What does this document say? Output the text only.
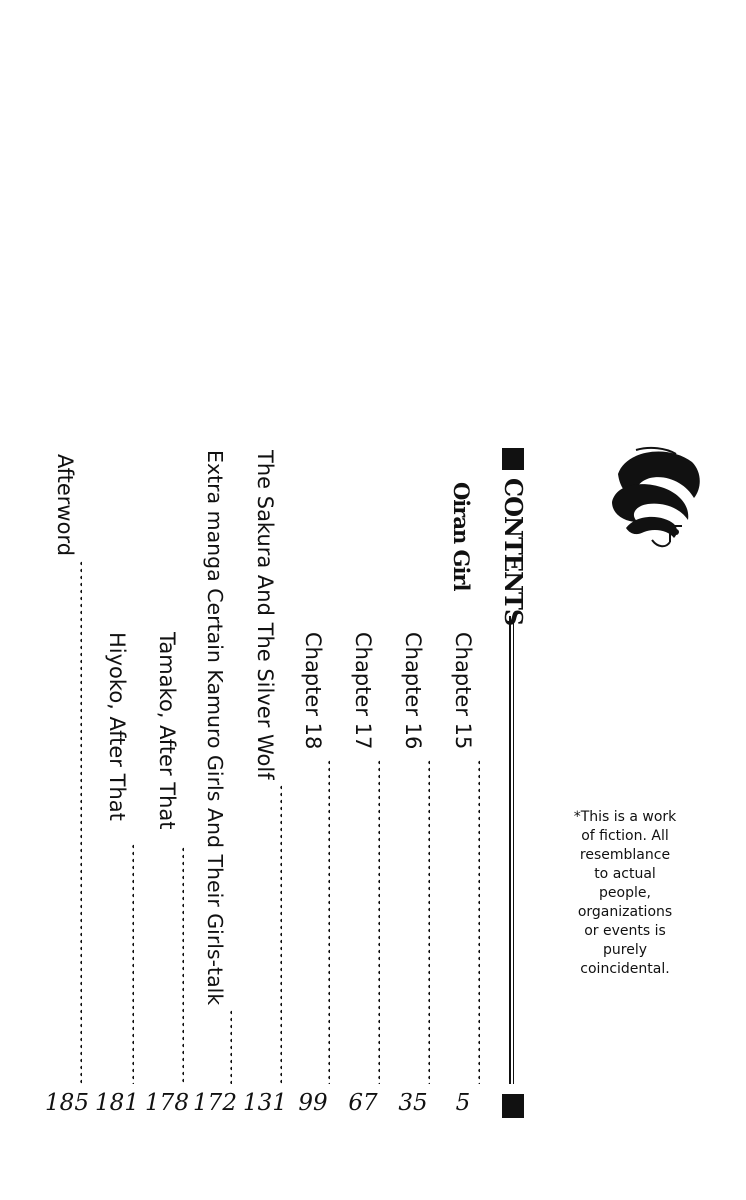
CONTENTS
Oiran Girl
Chapter 15
Chapter 16
Chapter 17
Chapter 18
The Sakura And The Silver Wolf
Extra manga Certain Kamuro Girls And Their Girls-talk
Tamako, After That
Hiyoko, After That
Afterword
5
35
67
99
131
172
178
181
185
*This is a work
of fiction. All
resemblance
to actual
people,
organizations
or events is
purely
coincidental.
